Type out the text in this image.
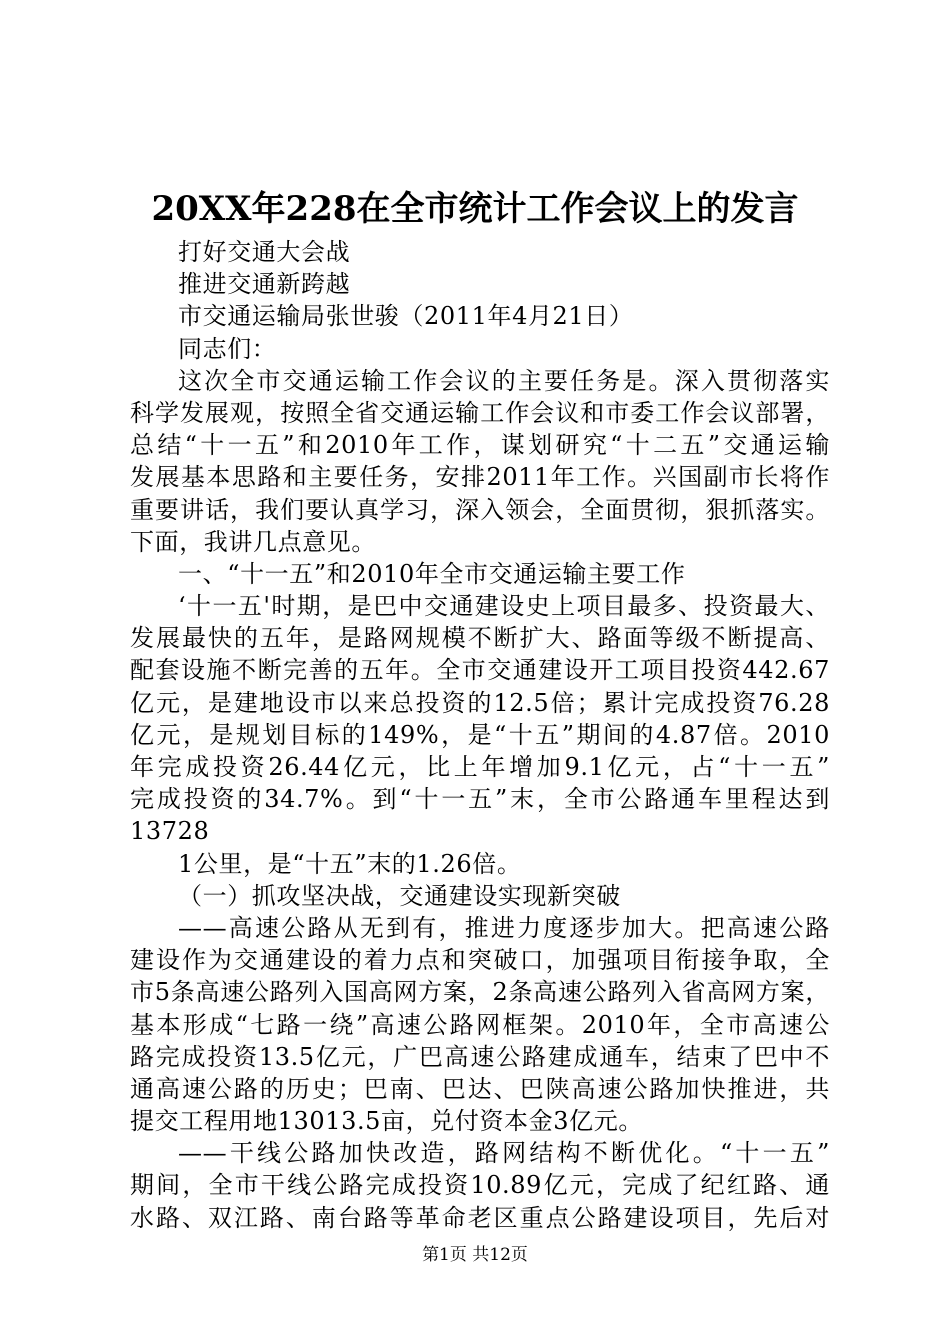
20XX年228在全市统计工作会议上的发言
打好交通大会战
推进交通新跨越
市交通运输局张世骏（2011年4月21日）
同志们：
这次全市交通运输工作会议的主要任务是。深入贯彻落实
科学发展观，按照全省交通运输工作会议和市委工作会议部署，
总结“十一五”和2010年工作，谋划研究“十二五”交通运输
发展基本思路和主要任务，安排2011年工作。兴国副市长将作
重要讲话，我们要认真学习，深入领会，全面贯彻，狠抓落实。
下面，我讲几点意见。
一、“十一五”和2010年全市交通运输主要工作
‘十一五'时期，是巴中交通建设史上项目最多、投资最大、
发展最快的五年，是路网规模不断扩大、路面等级不断提高、
配套设施不断完善的五年。全市交通建设开工项目投资442.67
亿元，是建地设市以来总投资的12.5倍；累计完成投资76.28
亿元，是规划目标的149%，是“十五”期间的4.87倍。2010
年完成投资26.44亿元，比上年增加9.1亿元，占“十一五”
完成投资的34.7%。到“十一五”末，全市公路通车里程达到
13728
1公里，是“十五”末的1.26倍。
（一）抓攻坚决战，交通建设实现新突破
——高速公路从无到有，推进力度逐步加大。把高速公路
建设作为交通建设的着力点和突破口，加强项目衔接争取，全
市5条高速公路列入国高网方案，2条高速公路列入省高网方案，
基本形成“七路一绕”高速公路网框架。2010年，全市高速公
路完成投资13.5亿元，广巴高速公路建成通车，结束了巴中不
通高速公路的历史；巴南、巴达、巴陕高速公路加快推进，共
提交工程用地13013.5亩，兑付资本金3亿元。
——干线公路加快改造，路网结构不断优化。“十一五”
期间，全市干线公路完成投资10.89亿元，完成了纪红路、通
水路、双江路、南台路等革命老区重点公路建设项目，先后对
第1页 共12页
